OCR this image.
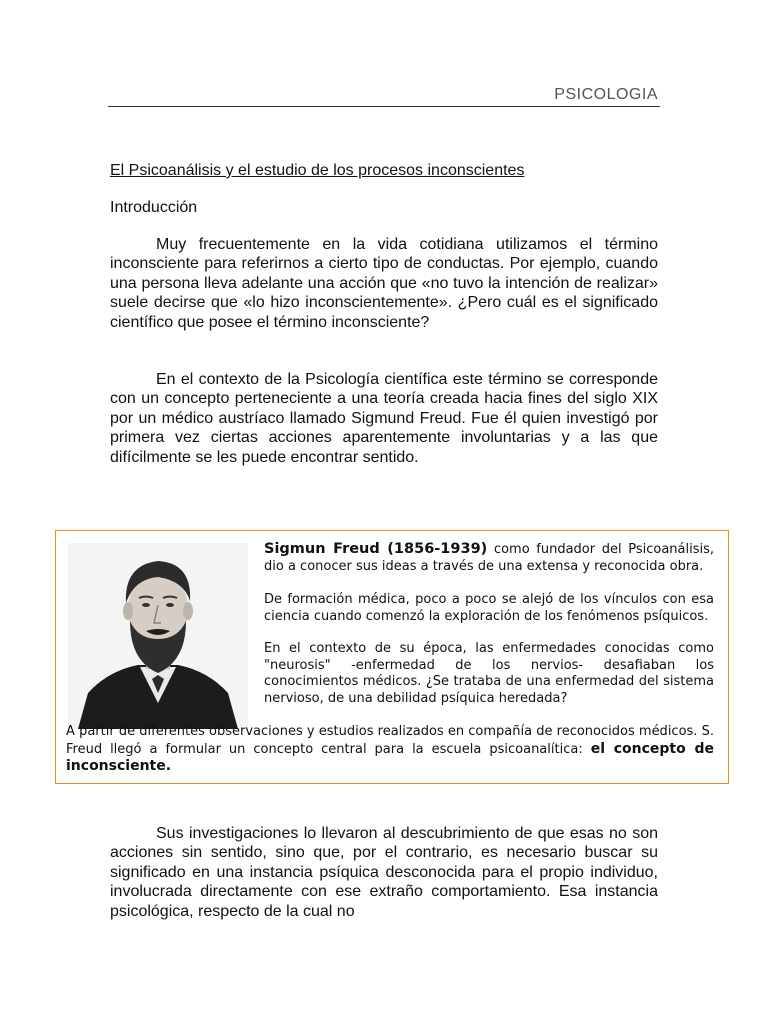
PSICOLOGIA
El Psicoanálisis y el estudio de los procesos inconscientes
Introducción
Muy frecuentemente en la vida cotidiana utilizamos el término inconsciente para referirnos a cierto tipo de conductas. Por ejemplo, cuando una persona lleva adelante una acción que «no tuvo la intención de realizar» suele decirse que «lo hizo inconscientemente». ¿Pero cuál es el significado científico que posee el término inconsciente?
En el contexto de la Psicología científica este término se corresponde con un concepto perteneciente a una teoría creada hacia fines del siglo XIX por un médico austríaco llamado Sigmund Freud. Fue él quien investigó por primera vez ciertas acciones aparentemente involuntarias y a las que difícilmente se les puede encontrar sentido.
Sigmun Freud (1856-1939) como fundador del Psicoanálisis, dio a conocer sus ideas a través de una extensa y reconocida obra.
De formación médica, poco a poco se alejó de los vínculos con esa ciencia cuando comenzó la exploración de los fenómenos psíquicos.
En el contexto de su época, las enfermedades conocidas como "neurosis" -enfermedad de los nervios- desafiaban los conocimientos médicos. ¿Se trataba de una enfermedad del sistema nervioso, de una debilidad psíquica heredada?
A partir de diferentes observaciones y estudios realizados en compañía de reconocidos médicos. S. Freud llegó a formular un concepto central para la escuela psicoanalítica: el concepto de inconsciente.
Sus investigaciones lo llevaron al descubrimiento de que esas no son acciones sin sentido, sino que, por el contrario, es necesario buscar su significado en una instancia psíquica desconocida para el propio individuo, involucrada directamente con ese extraño comportamiento. Esa instancia psicológica, respecto de la cual no
